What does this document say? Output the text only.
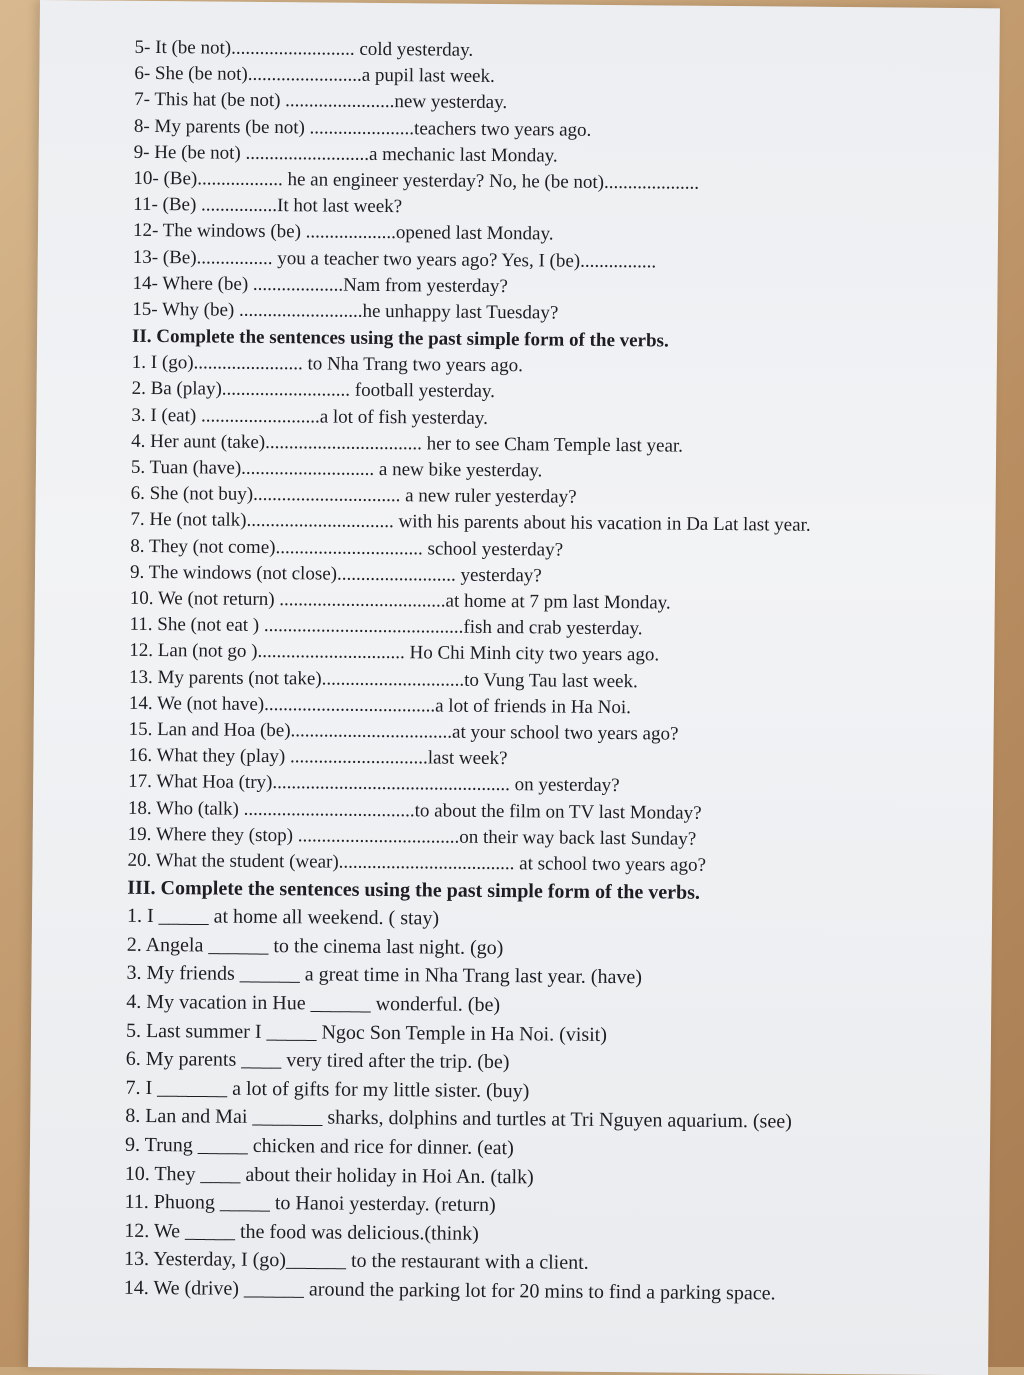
5- It (be not).......................... cold yesterday.
6- She (be not)........................a pupil last week.
7- This hat (be not) .......................new yesterday.
8- My parents (be not) ......................teachers two years ago.
9- He (be not) ..........................a mechanic last Monday.
10- (Be).................. he an engineer yesterday? No, he (be not)....................
11- (Be) ................It hot last week?
12- The windows (be) ...................opened last Monday.
13- (Be)................ you a teacher two years ago? Yes, I (be)................
14- Where (be) ...................Nam from yesterday?
15- Why (be) ..........................he unhappy last Tuesday?
II. Complete the sentences using the past simple form of the verbs.
1. I (go)....................... to Nha Trang two years ago.
2. Ba (play)........................... football yesterday.
3. I (eat) .........................a lot of fish yesterday.
4. Her aunt (take)................................. her to see Cham Temple last year.
5. Tuan (have)............................ a new bike yesterday.
6. She (not buy)............................... a new ruler yesterday?
7. He (not talk)............................... with his parents about his vacation in Da Lat last year.
8. They (not come)............................... school yesterday?
9. The windows (not close)......................... yesterday?
10. We (not return) ...................................at home at 7 pm last Monday.
11. She (not eat ) ..........................................fish and crab yesterday.
12. Lan (not go )............................... Ho Chi Minh city two years ago.
13. My parents (not take)..............................to Vung Tau last week.
14. We (not have)....................................a lot of friends in Ha Noi.
15. Lan and Hoa (be)..................................at your school two years ago?
16. What they (play) .............................last week?
17. What Hoa (try).................................................. on yesterday?
18. Who (talk) ....................................to about the film on TV last Monday?
19. Where they (stop) ..................................on their way back last Sunday?
20. What the student (wear)..................................... at school two years ago?
III. Complete the sentences using the past simple form of the verbs.
1. I _____ at home all weekend. ( stay)
2. Angela ______ to the cinema last night. (go)
3. My friends ______ a great time in Nha Trang last year. (have)
4. My vacation in Hue ______ wonderful. (be)
5. Last summer I _____ Ngoc Son Temple in Ha Noi. (visit)
6. My parents ____ very tired after the trip. (be)
7. I _______ a lot of gifts for my little sister. (buy)
8. Lan and Mai _______ sharks, dolphins and turtles at Tri Nguyen aquarium. (see)
9. Trung _____ chicken and rice for dinner. (eat)
10. They ____ about their holiday in Hoi An. (talk)
11. Phuong _____ to Hanoi yesterday. (return)
12. We _____ the food was delicious.(think)
13. Yesterday, I (go)______ to the restaurant with a client.
14. We (drive) ______ around the parking lot for 20 mins to find a parking space.
